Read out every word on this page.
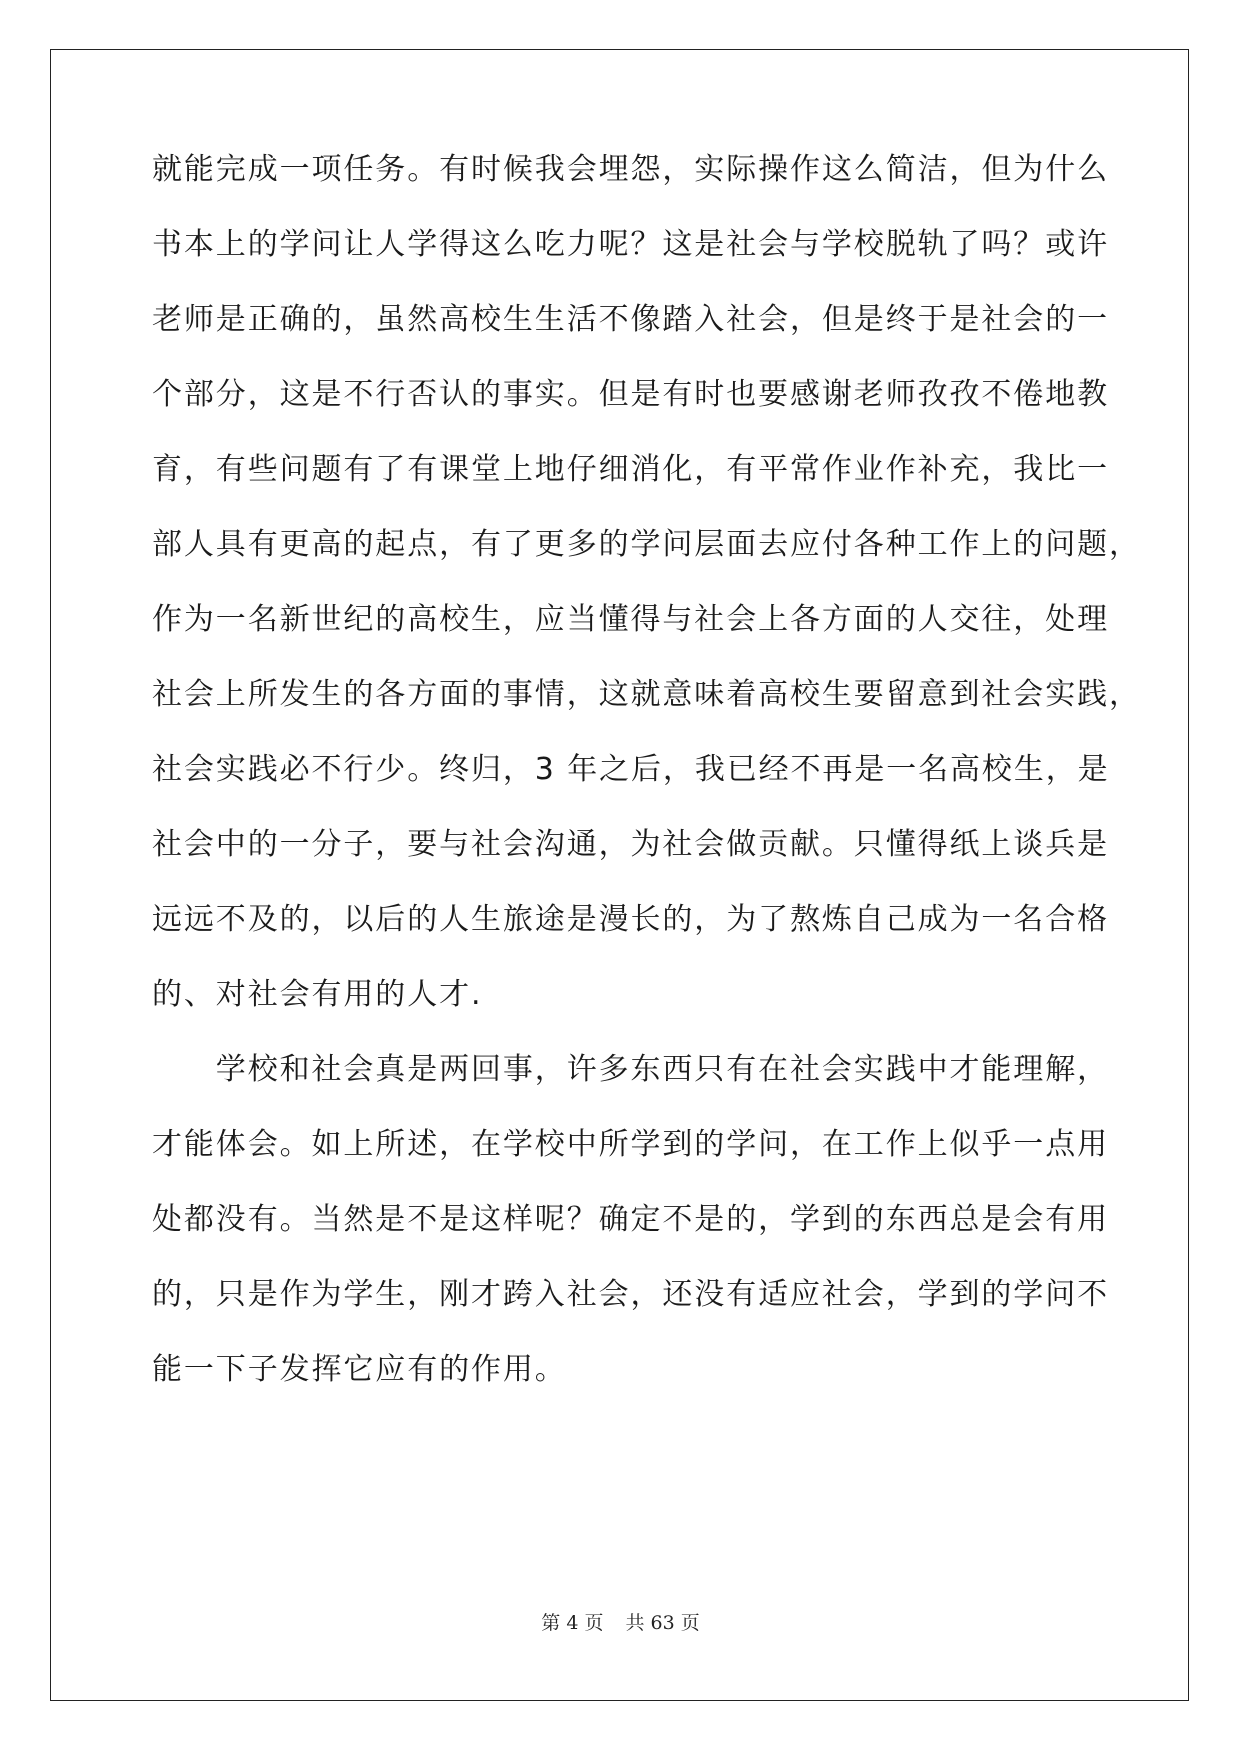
就能完成一项任务。有时候我会埋怨，实际操作这么简洁，但为什么
书本上的学问让人学得这么吃力呢？这是社会与学校脱轨了吗？或许
老师是正确的，虽然高校生生活不像踏入社会，但是终于是社会的一
个部分，这是不行否认的事实。但是有时也要感谢老师孜孜不倦地教
育，有些问题有了有课堂上地仔细消化，有平常作业作补充，我比一
部人具有更高的起点，有了更多的学问层面去应付各种工作上的问题，
作为一名新世纪的高校生，应当懂得与社会上各方面的人交往，处理
社会上所发生的各方面的事情，这就意味着高校生要留意到社会实践，
社会实践必不行少。终归，3 年之后，我已经不再是一名高校生，是
社会中的一分子，要与社会沟通，为社会做贡献。只懂得纸上谈兵是
远远不及的，以后的人生旅途是漫长的，为了熬炼自己成为一名合格
的、对社会有用的人才.
　　学校和社会真是两回事，许多东西只有在社会实践中才能理解，
才能体会。如上所述，在学校中所学到的学问，在工作上似乎一点用
处都没有。当然是不是这样呢？确定不是的，学到的东西总是会有用
的，只是作为学生，刚才跨入社会，还没有适应社会，学到的学问不
能一下子发挥它应有的作用。
第 4 页 共 63 页
